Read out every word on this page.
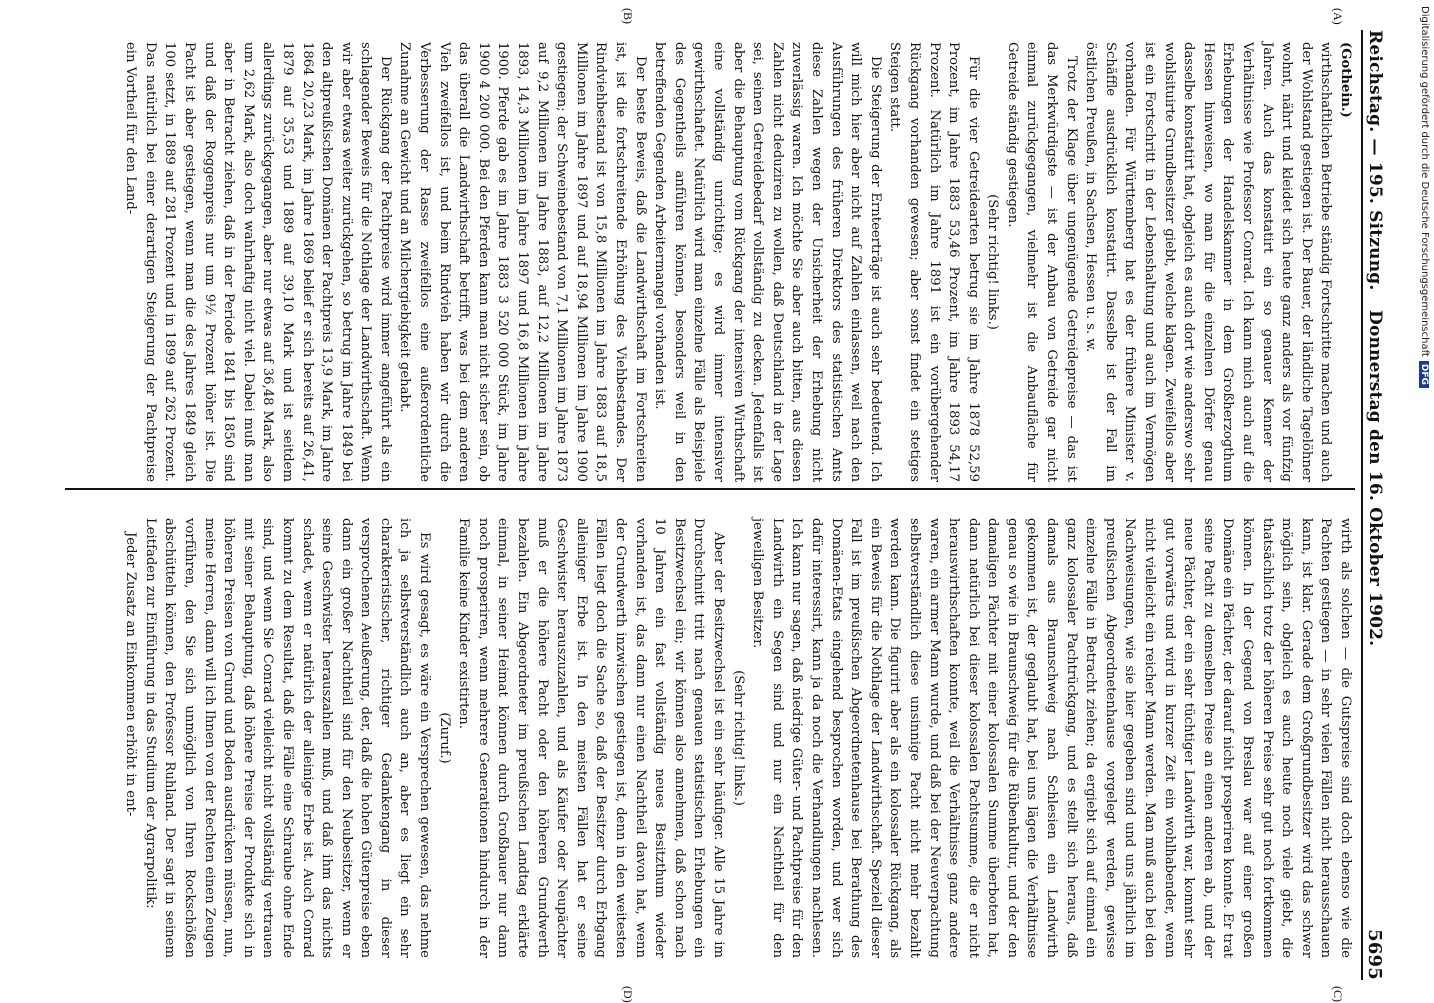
Reichstag. — 195. Sitzung.
Donnerstag den 16. Oktober 1902.
5695
(A)
(B)
(C)
(D)

(Gothein.)

wirthschaftlichen Betriebe ständig Fortschritte machen und auch der Wohlstand gestiegen ist. Der Bauer, der ländliche Tagelöhner wohnt, nährt und kleidet sich heute ganz anders als vor fünfzig Jahren. Auch das konstatirt ein so genauer Kenner der Verhältnisse wie Professor Conrad. Ich kann mich auch auf die Erhebungen der Handelskammer in dem Großherzogthum Hessen hinweisen, wo man für die einzelnen Dörfer genau dasselbe konstatirt hat, obgleich es auch dort wie anderswo sehr wohlsituirte Grundbesitzer giebt, welche klagen. Zweifellos aber ist ein Fortschritt in der Lebenshaltung und auch im Vermögen vorhanden. Für Württemberg hat es der frühere Minister v. Schäffle ausdrücklich konstatirt. Dasselbe ist der Fall im östlichen Preußen, in Sachsen, Hessen u. s. w.

Trotz der Klage über ungenügende Getreidepreise — das ist das Merkwürdigste — ist der Anbau von Getreide gar nicht einmal zurückgegangen, vielmehr ist die Anbaufläche für Getreide ständig gestiegen.

(Sehr richtig! links.)

Für die vier Getreidearten betrug sie im Jahre 1878 52,59 Prozent, im Jahre 1883 53,46 Prozent, im Jahre 1893 54,17 Prozent. Natürlich im Jahre 1891 ist ein vorübergehender Rückgang vorhanden gewesen; aber sonst findet ein stetiges Steigen statt.

Die Steigerung der Ernteerträge ist auch sehr bedeutend. Ich will mich hier aber nicht auf Zahlen einlassen, weil nach den Ausführungen des früheren Direktors des statistischen Amts diese Zahlen wegen der Unsicherheit der Erhebung nicht zuverlässig waren. Ich möchte Sie aber auch bitten, aus diesen Zahlen nicht deduziren zu wollen, daß Deutschland in der Lage sei, seinen Getreidebedarf vollständig zu decken. Jedenfalls ist aber die Behauptung vom Rückgang der intensiven Wirthschaft eine vollständig unrichtige; es wird immer intensiver gewirthschaftet. Natürlich wird man einzelne Fälle als Beispiele des Gegentheils anführen können, besonders weil in den betreffenden Gegenden Arbeitermangel vorhanden ist.

Der beste Beweis, daß die Landwirthschaft im Fortschreiten ist, ist die fortschreitende Erhöhung des Viehbestandes. Der Rindviehbestand ist von 15,8 Millionen im Jahre 1883 auf 18,5 Millionen im Jahre 1897 und auf 18,94 Millionen im Jahre 1900 gestiegen; der Schweinebestand von 7,1 Millionen im Jahre 1873 auf 9,2 Millionen im Jahre 1883, auf 12,2 Millionen im Jahre 1893, 14,3 Millionen im Jahre 1897 und 16,8 Millionen im Jahre 1900. Pferde gab es im Jahre 1883 3 520 000 Stück, im Jahre 1900 4 200 000. Bei den Pferden kann man nicht sicher sein, ob das überall die Landwirthschaft betrifft, was bei dem anderen Vieh zweifellos ist, und beim Rindvieh haben wir durch die Verbesserung der Rasse zweifellos eine außerordentliche Zunahme an Gewicht und an Milchergiebigkeit gehabt.

Der Rückgang der Pachtpreise wird immer angeführt als ein schlagender Beweis für die Nothlage der Landwirthschaft. Wenn wir aber etwas weiter zurückgehen, so betrug im Jahre 1849 bei den altpreußischen Domänen der Pachtpreis 13,9 Mark, im Jahre 1864 20,23 Mark, im Jahre 1869 belief er sich bereits auf 26,41, 1879 auf 35,53 und 1889 auf 39,10 Mark und ist seitdem allerdings zurückgegangen, aber nur etwas auf 36,48 Mark, also um 2,62 Mark, also doch wahrhaftig nicht viel. Dabei muß man aber in Betracht ziehen, daß in der Periode 1841 bis 1850 sind und daß der Roggenpreis nur um 9½ Prozent höher ist. Die Pacht ist aber gestiegen, wenn man die des Jahres 1849 gleich 100 setzt, in 1889 auf 281 Prozent und in 1899 auf 262 Prozent. Das natürlich bei einer derartigen Steigerung der Pachtpreise ein Vortheil für den Land-

wirth als solchen — die Gutspreise sind doch ebenso wie die Pachten gestiegen — in sehr vielen Fällen nicht herausschauen kann, ist klar. Gerade dem Großgrundbesitzer wird das schwer möglich sein, obgleich es auch heute noch viele giebt, die thatsächlich trotz der höheren Preise sehr gut noch fortkommen können. In der Gegend von Breslau war auf einer großen Domäne ein Pächter, der darauf nicht prosperiren konnte. Er trat seine Pacht zu demselben Preise an einen anderen ab, und der neue Pächter, der ein sehr tüchtiger Landwirth war, kommt sehr gut vorwärts und wird in kurzer Zeit ein wohlhabender, wenn nicht vielleicht ein reicher Mann werden. Man muß auch bei den Nachweisungen, wie sie hier gegeben sind und uns jährlich im preußischen Abgeordnetenhause vorgelegt werden, gewisse einzelne Fälle in Betracht ziehen; da ergiebt sich auf einmal ein ganz kolossaler Pachtrückgang, und es stellt sich heraus, daß damals aus Braunschweig nach Schlesien ein Landwirth gekommen ist, der geglaubt hat, bei uns lägen die Verhältnisse genau so wie in Braunschweig für die Rübenkultur, und der den damaligen Pächter mit einer kolossalen Summe überboten hat, dann natürlich bei dieser kolossalen Pachtsumme, die er nicht herauswirthschaften konnte, weil die Verhältnisse ganz andere waren, ein armer Mann wurde, und daß bei der Neuverpachtung selbstverständlich diese unsinnige Pacht nicht mehr bezahlt werden kann. Die figurirt aber als ein kolossaler Rückgang, als ein Beweis für die Nothlage der Landwirthschaft. Speziell dieser Fall ist im preußischen Abgeordnetenhause bei Berathung des Domänen-Etats eingehend besprochen worden, und wer sich dafür interessirt, kann ja da noch die Verhandlungen nachlesen. Ich kann nur sagen, daß niedrige Güter- und Pachtpreise für den Landwirth ein Segen sind und nur ein Nachtheil für den jeweiligen Besitzer.

(Sehr richtig! links.)

Aber der Besitzwechsel ist ein sehr häufiger. Alle 15 Jahre im Durchschnitt tritt nach genauen statistischen Erhebungen ein Besitzwechsel ein; wir können also annehmen, daß schon nach 10 Jahren ein fast vollständig neues Besitzthum wieder vorhanden ist, das dann nur einen Nachtheil davon hat, wenn der Grundwerth inzwischen gestiegen ist, denn in den weitesten Fällen liegt doch die Sache so, daß der Besitzer durch Erbgang alleiniger Erbe ist. In den meisten Fällen hat er seine Geschwister herauszuzahlen, und als Käufer oder Neupächter muß er die höhere Pacht oder den höheren Grundwerth bezahlen. Ein Abgeordneter im preußischen Landtag erklärte einmal, in seiner Heimat können durch Großbauer nur dann noch prosperiren, wenn mehrere Generationen hindurch in der Familie keine Kinder existirten.

(Zuruf.)

Es wird gesagt, es wäre ein Versprechen gewesen, das nehme ich ja selbstverständlich auch an, aber es liegt ein sehr charakteristischer, richtiger Gedankengang in dieser versprochenen Aeußerung, der, daß die hohen Güterpreise eben dann ein großer Nachtheil sind für den Neubesitzer, wenn er seine Geschwister herauszahlen muß, und daß ihm das nichts schadet, wenn er natürlich der alleinige Erbe ist. Auch Conrad kommt zu dem Resultat, daß die Fälle eine Schraube ohne Ende sind, und wenn Sie Conrad vielleicht nicht vollständig vertrauen mit seiner Behauptung, daß höhere Preise der Produkte sich in höheren Preisen von Grund und Boden ausdrücken müssen, nun, meine Herren, dann will ich Ihnen von der Rechten einen Zeugen vorführen, den Sie sich unmöglich von Ihren Rockschößen abschütteln können, den Professor Ruhland. Der sagt in seinem Leitfaden zur Einführung in das Studium der Agrarpolitik:

Jeder Zusatz an Einkommen erhöht in ent-

Digitalisierung gefördert durch die Deutsche ForschungsgemeinschaftDFG
